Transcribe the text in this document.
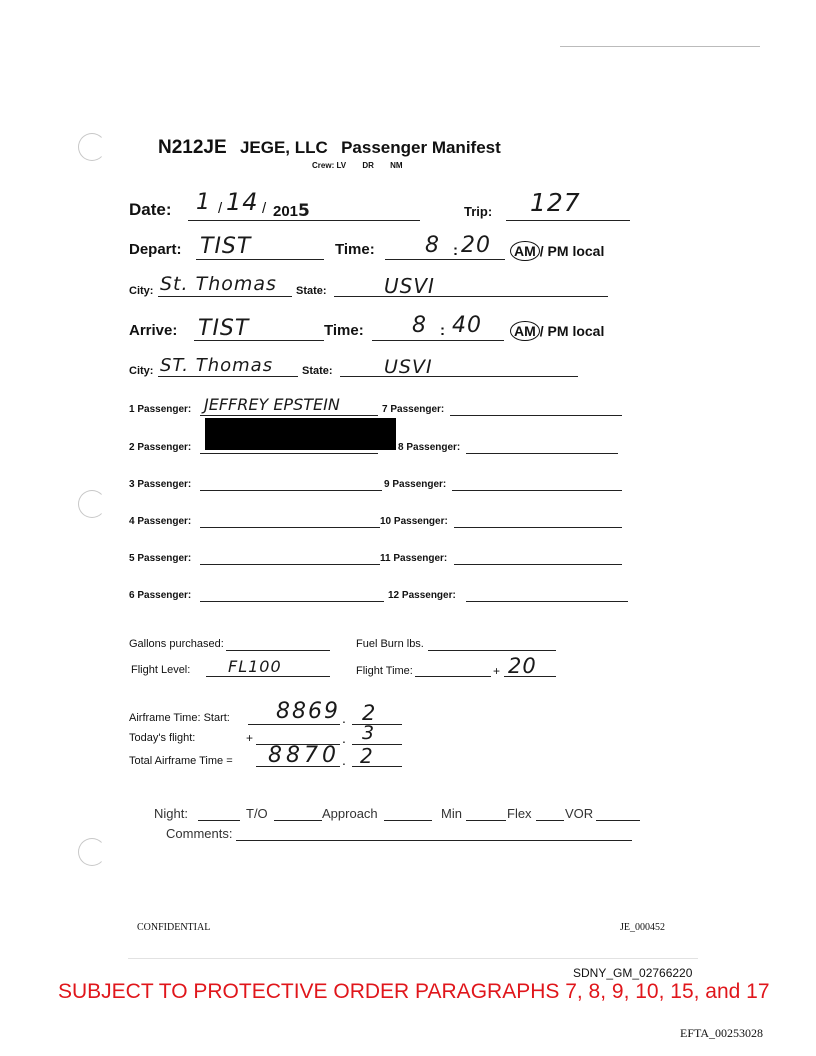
N212JE JEGE, LLC Passenger Manifest
Crew: LV DR NM
Date: 1 / 14 / 2015	Trip: 127
Depart: TIST	Time: 8 : 20 AM / PM local
City: St. Thomas State:	USVI
Arrive: TIST	Time: 8 : 40 AM / PM local
City: ST. Thomas	State:	USVI
1 Passenger: JEFFREY EPSTEIN
2 Passenger:
3 Passenger:
4 Passenger:
5 Passenger:
6 Passenger:
7 Passenger:
8 Passenger:
9 Passenger:
10 Passenger:
11 Passenger:
12 Passenger:
Gallons purchased:	Fuel Burn lbs.
Flight Level: FL100	Flight Time:	+ 20
Airframe Time: Start: 8869 . 2
Today's flight:	+	. 3
Total Airframe Time = 8870 . 2
Night:	T/O	Approach	Min	Flex	VOR
Comments:
CONFIDENTIAL	JE_000452
SDNY_GM_02766220
SUBJECT TO PROTECTIVE ORDER PARAGRAPHS 7, 8, 9, 10, 15, and 17
EFTA_00253028
